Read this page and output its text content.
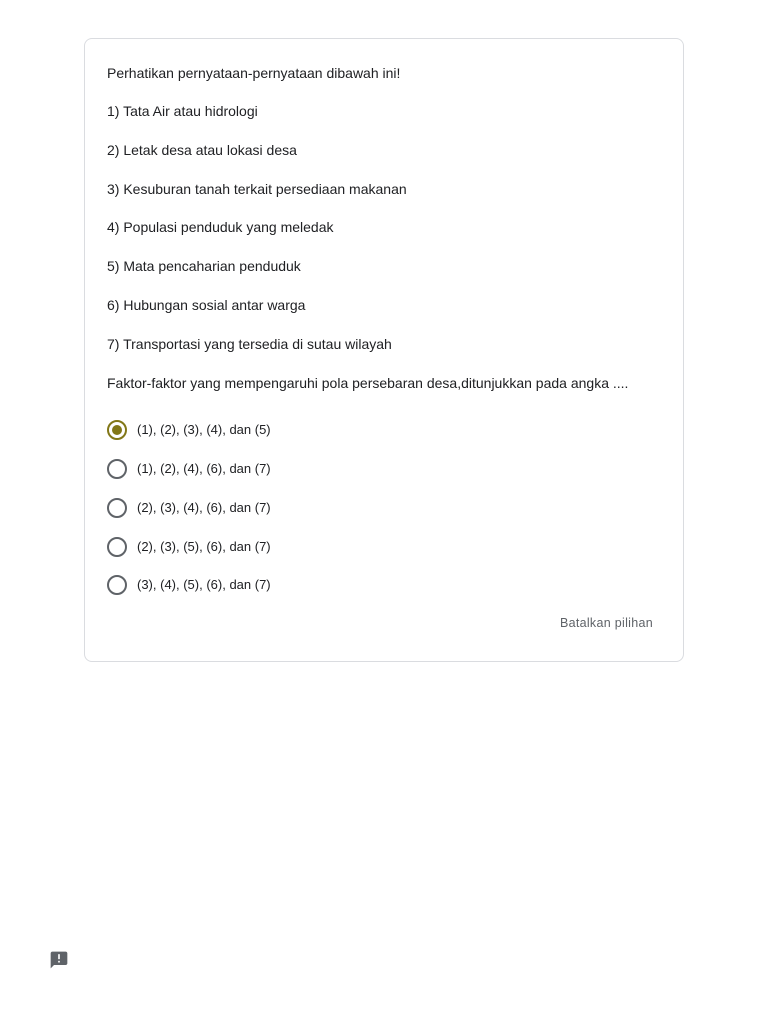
Perhatikan pernyataan-pernyataan dibawah ini!
1) Tata Air atau hidrologi
2) Letak desa atau lokasi desa
3) Kesuburan tanah terkait persediaan makanan
4) Populasi penduduk yang meledak
5) Mata pencaharian penduduk
6) Hubungan sosial antar warga
7) Transportasi yang tersedia di sutau wilayah
Faktor-faktor yang mempengaruhi pola persebaran desa,ditunjukkan pada angka ....
(1), (2), (3), (4), dan (5)
(1), (2), (4), (6), dan (7)
(2), (3), (4), (6), dan (7)
(2), (3), (5), (6), dan (7)
(3), (4), (5), (6), dan (7)
Batalkan pilihan
